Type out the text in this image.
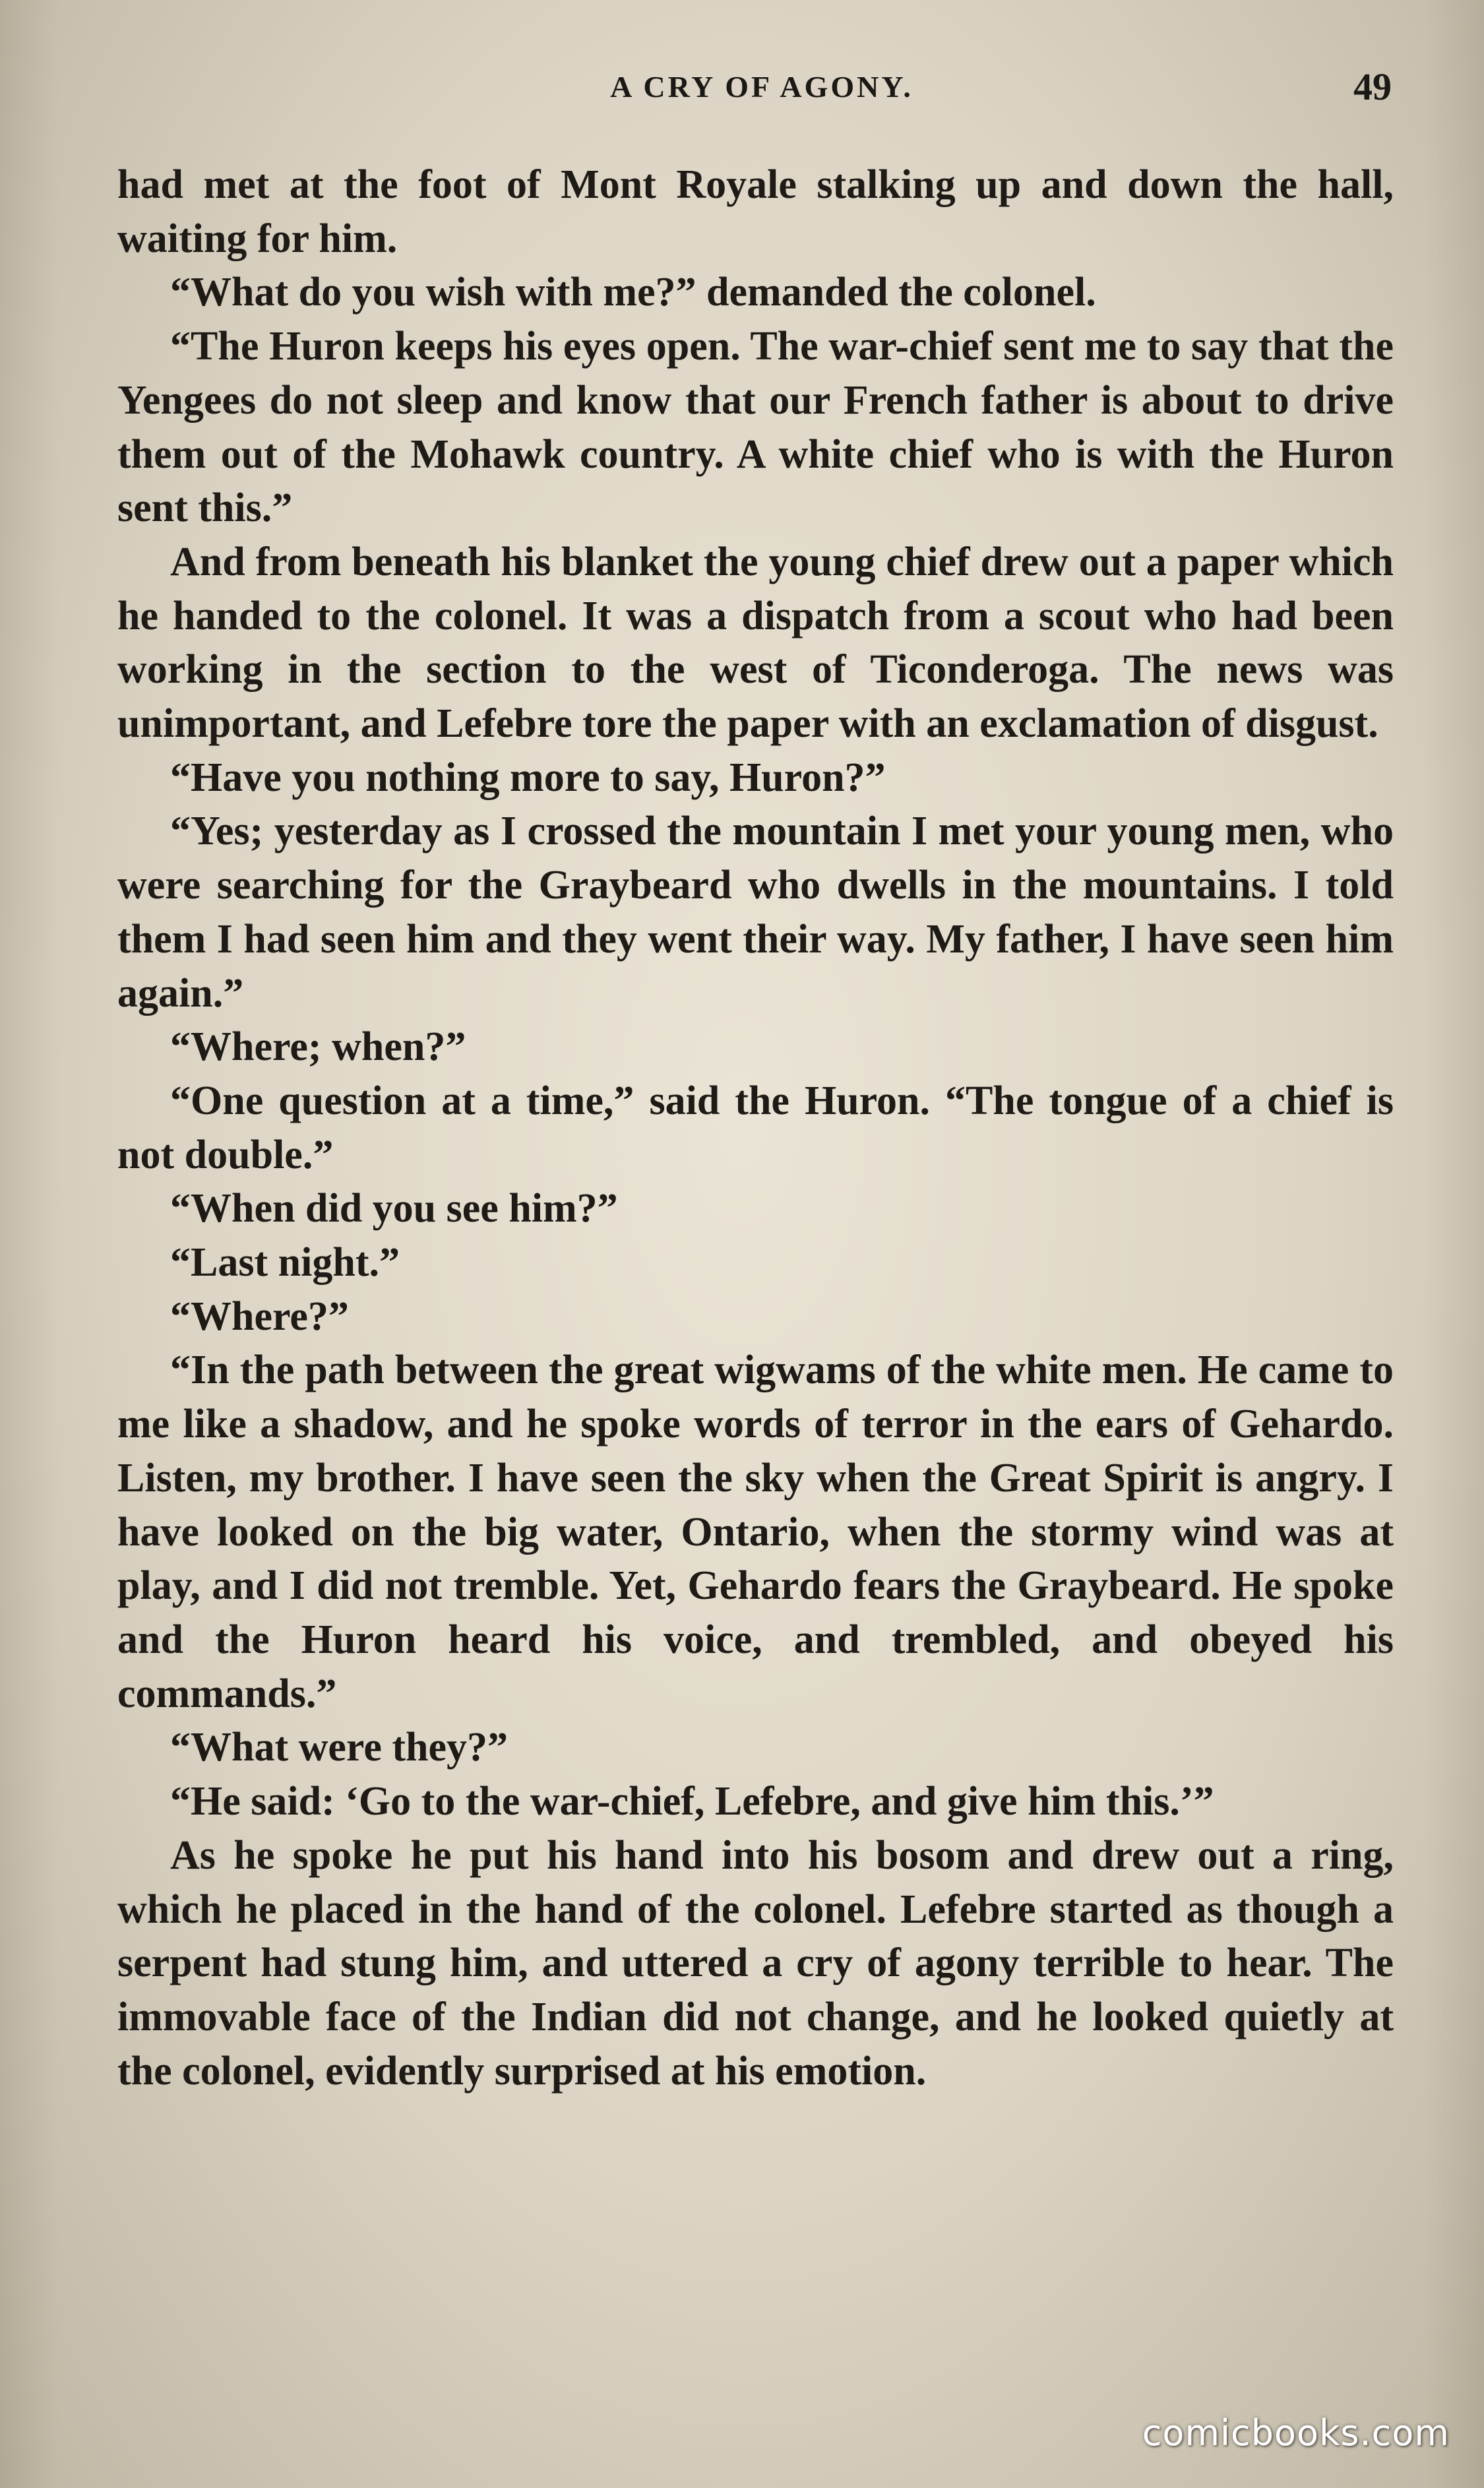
A CRY OF AGONY.	49

had met at the foot of Mont Royale stalking up and down the hall, waiting for him.

“What do you wish with me?” demanded the colonel.

“The Huron keeps his eyes open. The war-chief sent me to say that the Yengees do not sleep and know that our French father is about to drive them out of the Mohawk country. A white chief who is with the Huron sent this.”

And from beneath his blanket the young chief drew out a paper which he handed to the colonel. It was a dispatch from a scout who had been working in the section to the west of Ticonderoga. The news was unimportant, and Lefebre tore the paper with an exclamation of disgust.

“Have you nothing more to say, Huron?”

“Yes; yesterday as I crossed the mountain I met your young men, who were searching for the Graybeard who dwells in the mountains. I told them I had seen him and they went their way. My father, I have seen him again.”

“Where; when?”

“One question at a time,” said the Huron. “The tongue of a chief is not double.”

“When did you see him?”

“Last night.”

“Where?”

“In the path between the great wigwams of the white men. He came to me like a shadow, and he spoke words of terror in the ears of Gehardo. Listen, my brother. I have seen the sky when the Great Spirit is angry. I have looked on the big water, Ontario, when the stormy wind was at play, and I did not tremble. Yet, Gehardo fears the Graybeard. He spoke and the Huron heard his voice, and trembled, and obeyed his commands.”

“What were they?”

“He said: ‘Go to the war-chief, Lefebre, and give him this.’”

As he spoke he put his hand into his bosom and drew out a ring, which he placed in the hand of the colonel. Lefebre started as though a serpent had stung him, and uttered a cry of agony terrible to hear. The immovable face of the Indian did not change, and he looked quietly at the colonel, evidently surprised at his emotion.

comicbooks.com
